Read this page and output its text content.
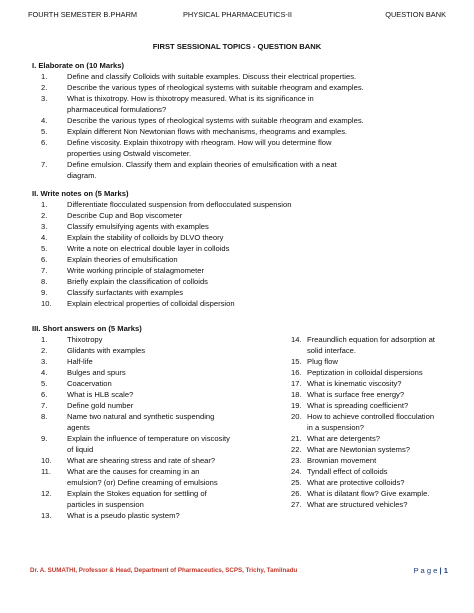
FOURTH SEMESTER B.PHARM	PHYSICAL PHARMACEUTICS-II	QUESTION BANK
FIRST SESSIONAL TOPICS - QUESTION BANK
I. Elaborate on (10 Marks)
1.	Define and classify Colloids with suitable examples. Discuss their electrical properties.
2.	Describe the various types of rheological systems with suitable rheogram and examples.
3.	What is thixotropy. How is thixotropy measured. What is its significance in
pharmaceutical formulations?
4.	Describe the various types of rheological systems with suitable rheogram and examples.
5.	Explain different Non Newtonian flows with mechanisms, rheograms and examples.
6.	Define viscosity. Explain thixotropy with rheogram. How will you determine flow
properties using Ostwald viscometer.
7.	Define emulsion. Classify them and explain theories of emulsification with a neat
diagram.
II. Write notes on (5 Marks)
1.	Differentiate flocculated suspension from deflocculated suspension
2.	Describe Cup and Bop viscometer
3.	Classify emulsifying agents with examples
4.	Explain the stability of colloids by DLVO theory
5.	Write a note on electrical double layer in colloids
6.	Explain theories of emulsification
7.	Write working principle of stalagmometer
8.	Briefly explain the classification of colloids
9.	Classify surfactants with examples
10. Explain electrical properties of colloidal dispersion
III. Short answers on (5 Marks)
1.	Thixotropy
2.	Glidants with examples
3.	Half-life
4.	Bulges and spurs
5.	Coacervation
6.	What is HLB scale?
7.	Define gold number
8.	Name two natural and synthetic suspending
agents
9.	Explain the influence of temperature on viscosity
of liquid
10. What are shearing stress and rate of shear?
11. What are the causes for creaming in an
emulsion? (or) Define creaming of emulsions
12. Explain the Stokes equation for settling of
particles in suspension
13. What is a pseudo plastic system?
14. Freaundlich equation for adsorption at
solid interface.
15. Plug flow
16. Peptization in colloidal dispersions
17. What is kinematic viscosity?
18. What is surface free energy?
19. What is spreading coefficient?
20. How to achieve controlled flocculation
in a suspension?
21. What are detergents?
22. What are Newtonian systems?
23. Brownian movement
24. Tyndall effect of colloids
25. What are protective colloids?
26. What is dilatant flow? Give example.
27. What are structured vehicles?
Dr. A. SUMATHI, Professor & Head, Department of Pharmaceutics, SCPS, Trichy, Tamilnadu	P a g e | 1
